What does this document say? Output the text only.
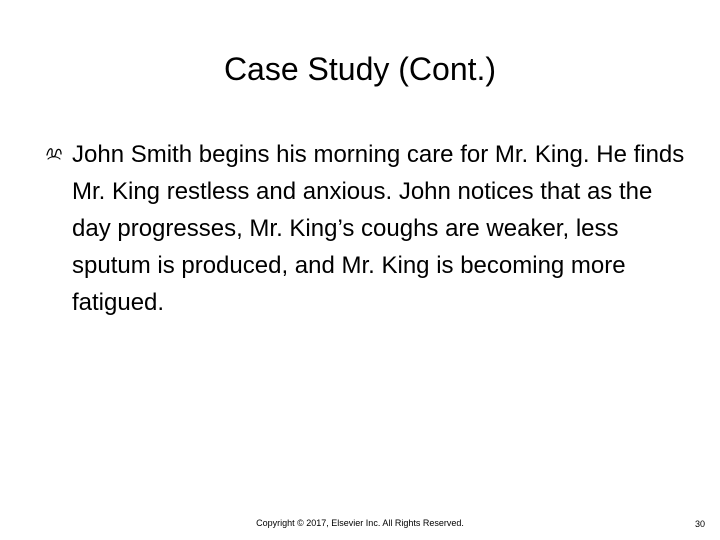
Case Study (Cont.)
John Smith begins his morning care for Mr. King. He finds Mr. King restless and anxious. John notices that as the day progresses, Mr. King’s coughs are weaker, less sputum is produced, and Mr. King is becoming more fatigued.
Copyright © 2017, Elsevier Inc. All Rights Reserved.	30
